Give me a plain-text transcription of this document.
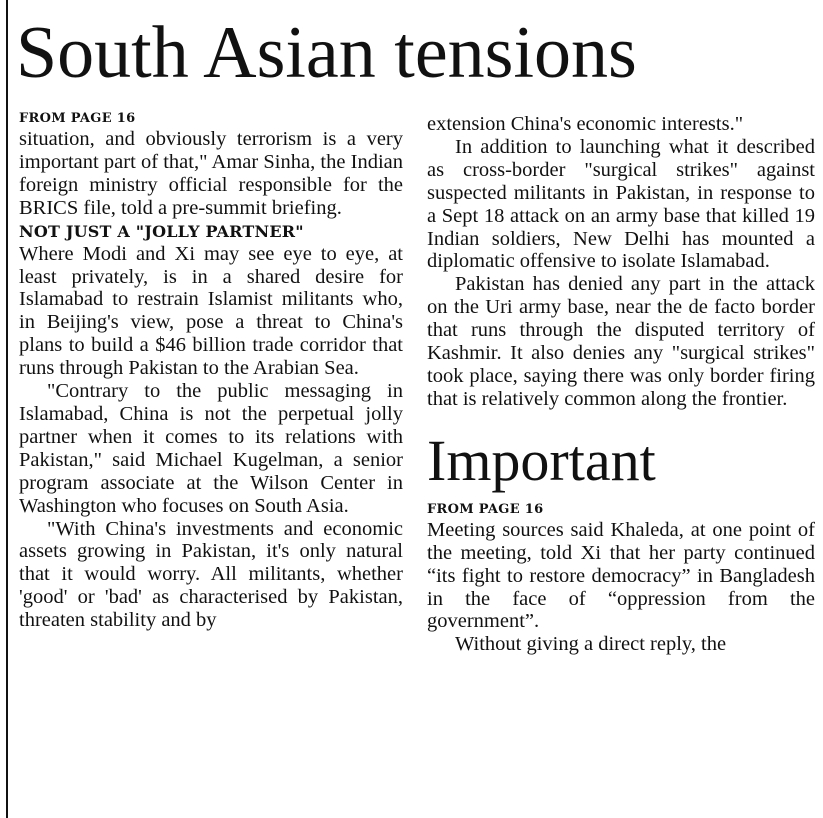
South Asian tensions

FROM PAGE 16

situation, and obviously terrorism is a very important part of that," Amar Sinha, the Indian foreign ministry official responsible for the BRICS file, told a pre-summit briefing.

NOT JUST A "JOLLY PARTNER"

Where Modi and Xi may see eye to eye, at least privately, is in a shared desire for Islamabad to restrain Islamist militants who, in Beijing's view, pose a threat to China's plans to build a $46 billion trade corridor that runs through Pakistan to the Arabian Sea.

"Contrary to the public messaging in Islamabad, China is not the perpetual jolly partner when it comes to its relations with Pakistan," said Michael Kugelman, a senior program associate at the Wilson Center in Washington who focuses on South Asia.

"With China's investments and economic assets growing in Pakistan, it's only natural that it would worry. All militants, whether 'good' or 'bad' as characterised by Pakistan, threaten stability and by

extension China's economic interests."

In addition to launching what it described as cross-border "surgical strikes" against suspected militants in Pakistan, in response to a Sept 18 attack on an army base that killed 19 Indian soldiers, New Delhi has mounted a diplomatic offensive to isolate Islamabad.

Pakistan has denied any part in the attack on the Uri army base, near the de facto border that runs through the disputed territory of Kashmir. It also denies any "surgical strikes" took place, saying there was only border firing that is relatively common along the frontier.

Important

FROM PAGE 16

Meeting sources said Khaleda, at one point of the meeting, told Xi that her party continued “its fight to restore democracy” in Bangladesh in the face of “oppression from the government”.

Without giving a direct reply, the
